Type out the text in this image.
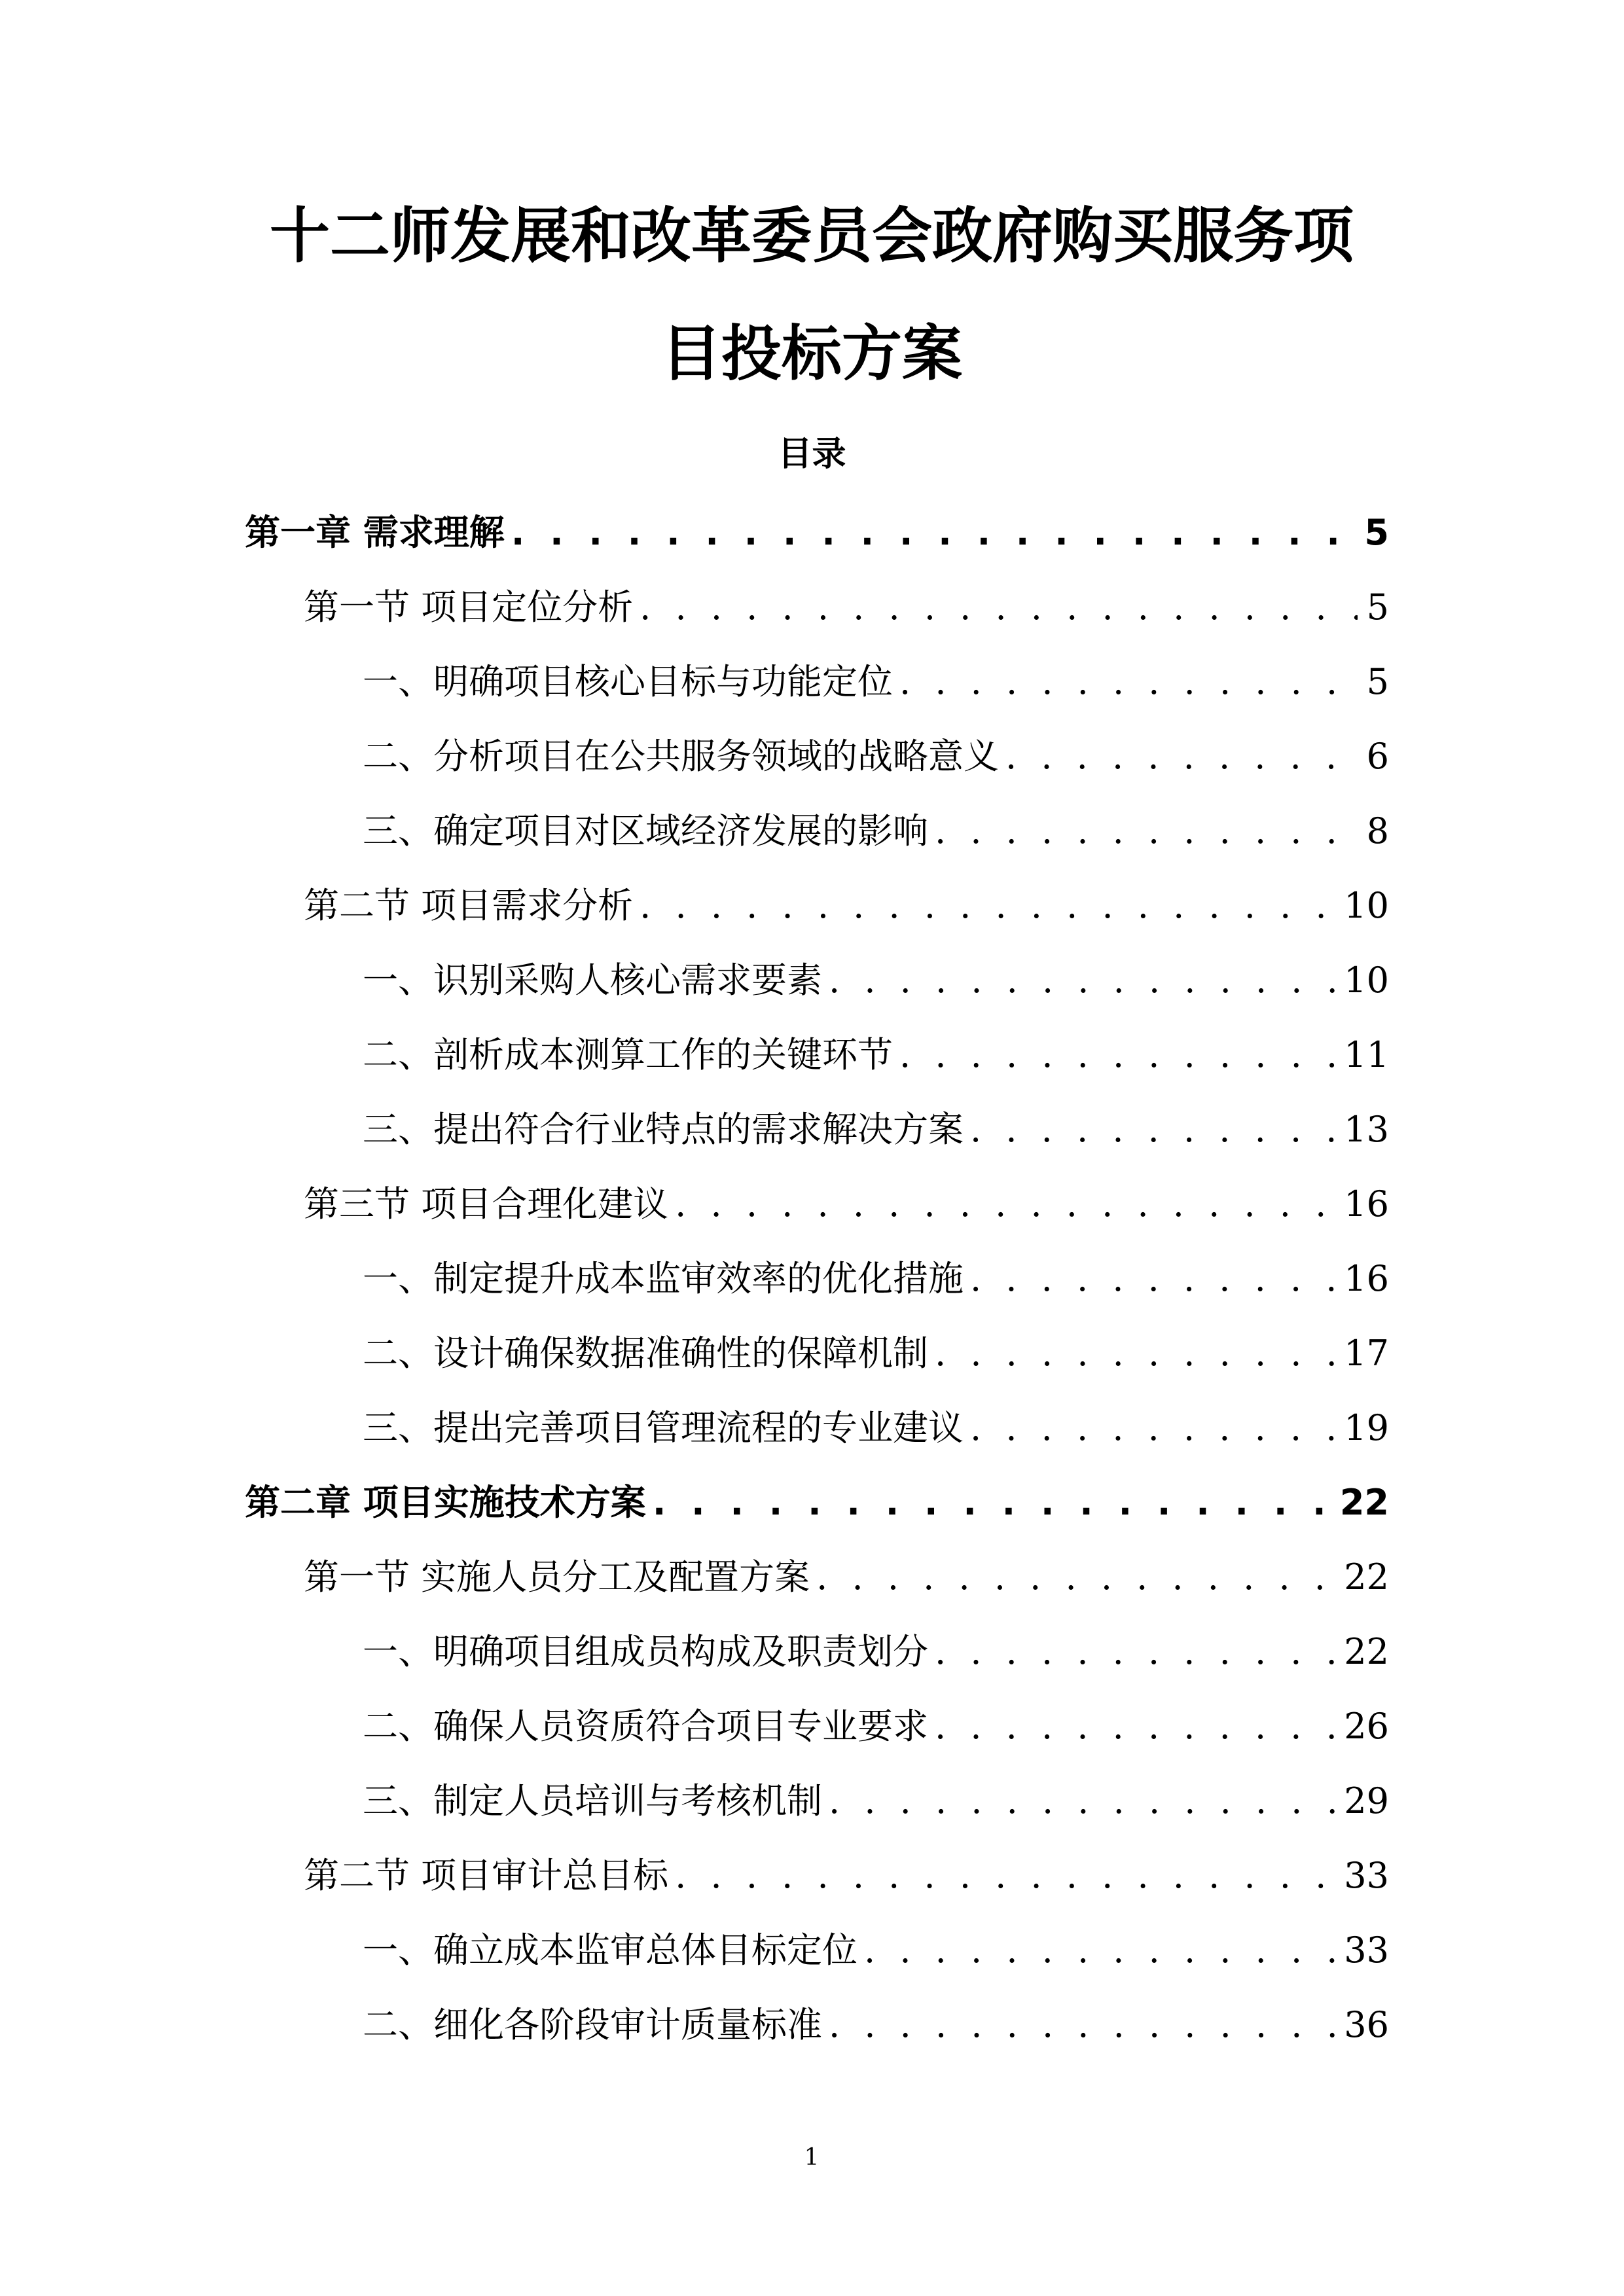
十二师发展和改革委员会政府购买服务项
目投标方案
目录
第一章 需求理解 . . .	5
第一节 项目定位分析 . . .	5
一、明确项目核心目标与功能定位 . . .	5
二、分析项目在公共服务领域的战略意义 . . .	6
三、确定项目对区域经济发展的影响 . . .	8
第二节 项目需求分析 . . .	10
一、识别采购人核心需求要素 . . .	10
二、剖析成本测算工作的关键环节 . . .	11
三、提出符合行业特点的需求解决方案 . . .	13
第三节 项目合理化建议 . . .	16
一、制定提升成本监审效率的优化措施 . . .	16
二、设计确保数据准确性的保障机制 . . .	17
三、提出完善项目管理流程的专业建议 . . .	19
第二章 项目实施技术方案 . . .	22
第一节 实施人员分工及配置方案 . . .	22
一、明确项目组成员构成及职责划分 . . .	22
二、确保人员资质符合项目专业要求 . . .	26
三、制定人员培训与考核机制 . . .	29
第二节 项目审计总目标 . . .	33
一、确立成本监审总体目标定位 . . .	33
二、细化各阶段审计质量标准 . . .	36
1
